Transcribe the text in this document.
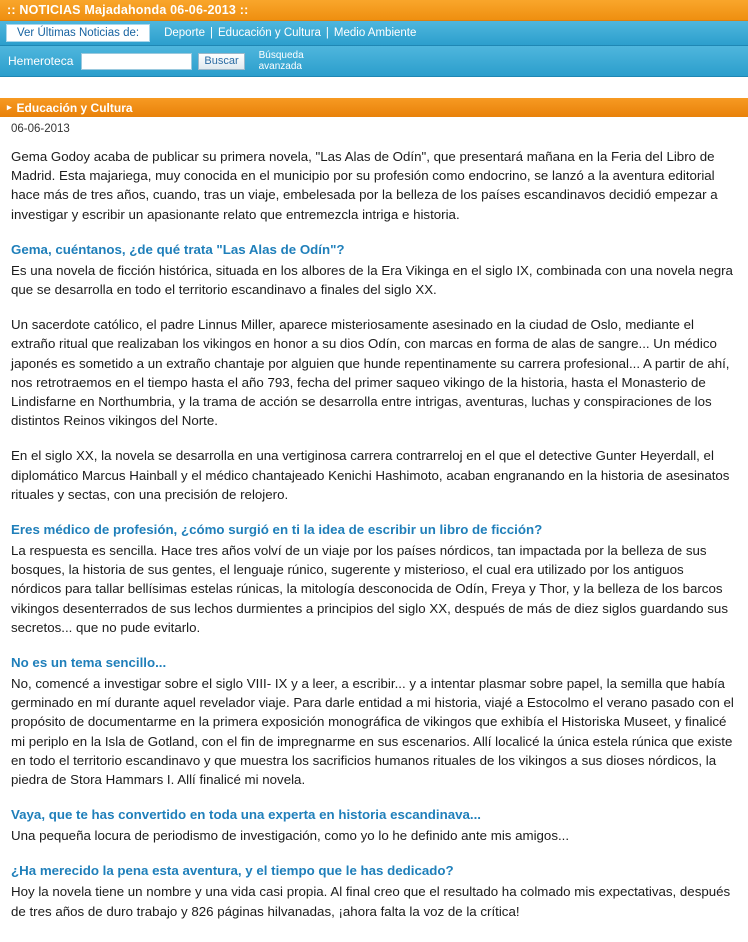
:: NOTICIAS Majadahonda 06-06-2013 ::
Ver Últimas Noticias de:	Deporte | Educación y Cultura | Medio Ambiente
Hemeroteca	Buscar	Búsqueda avanzada
▸ Educación y Cultura
06-06-2013

Gema Godoy acaba de publicar su primera novela, "Las Alas de Odín", que presentará mañana en la Feria del Libro de Madrid. Esta majariega, muy conocida en el municipio por su profesión como endocrino, se lanzó a la aventura editorial hace más de tres años, cuando, tras un viaje, embelesada por la belleza de los países escandinavos decidió empezar a investigar y escribir un apasionante relato que entremezcla intriga e historia.

Gema, cuéntanos, ¿de qué trata "Las Alas de Odín"?

Es una novela de ficción histórica, situada en los albores de la Era Vikinga en el siglo IX, combinada con una novela negra que se desarrolla en todo el territorio escandinavo a finales del siglo XX.

Un sacerdote católico, el padre Linnus Miller, aparece misteriosamente asesinado en la ciudad de Oslo, mediante el extraño ritual que realizaban los vikingos en honor a su dios Odín, con marcas en forma de alas de sangre... Un médico japonés es sometido a un extraño chantaje por alguien que hunde repentinamente su carrera profesional... A partir de ahí, nos retrotraemos en el tiempo hasta el año 793, fecha del primer saqueo vikingo de la historia, hasta el Monasterio de Lindisfarne en Northumbria, y la trama de acción se desarrolla entre intrigas, aventuras, luchas y conspiraciones de los distintos Reinos vikingos del Norte.

En el siglo XX, la novela se desarrolla en una vertiginosa carrera contrarreloj en el que el detective Gunter Heyerdall, el diplomático Marcus Hainball y el médico chantajeado Kenichi Hashimoto, acaban engranando en la historia de asesinatos rituales y sectas, con una precisión de relojero.

Eres médico de profesión, ¿cómo surgió en ti la idea de escribir un libro de ficción?

La respuesta es sencilla. Hace tres años volví de un viaje por los países nórdicos, tan impactada por la belleza de sus bosques, la historia de sus gentes, el lenguaje rúnico, sugerente y misterioso, el cual era utilizado por los antiguos nórdicos para tallar bellísimas estelas rúnicas, la mitología desconocida de Odín, Freya y Thor, y la belleza de los barcos vikingos desenterrados de sus lechos durmientes a principios del siglo XX, después de más de diez siglos guardando sus secretos... que no pude evitarlo.

No es un tema sencillo...

No, comencé a investigar sobre el siglo VIII- IX y a leer, a escribir... y a intentar plasmar sobre papel, la semilla que había germinado en mí durante aquel revelador viaje. Para darle entidad a mi historia, viajé a Estocolmo el verano pasado con el propósito de documentarme en la primera exposición monográfica de vikingos que exhibía el Historiska Museet, y finalicé mi periplo en la Isla de Gotland, con el fin de impregnarme en sus escenarios. Allí localicé la única estela rúnica que existe en todo el territorio escandinavo y que muestra los sacrificios humanos rituales de los vikingos a sus dioses nórdicos, la piedra de Stora Hammars I. Allí finalicé mi novela.

Vaya, que te has convertido en toda una experta en historia escandinava...

Una pequeña locura de periodismo de investigación, como yo lo he definido ante mis amigos...

¿Ha merecido la pena esta aventura, y el tiempo que le has dedicado?

Hoy la novela tiene un nombre y una vida casi propia. Al final creo que el resultado ha colmado mis expectativas, después de tres años de duro trabajo y 826 páginas hilvanadas, ¡ahora falta la voz de la crítica!
